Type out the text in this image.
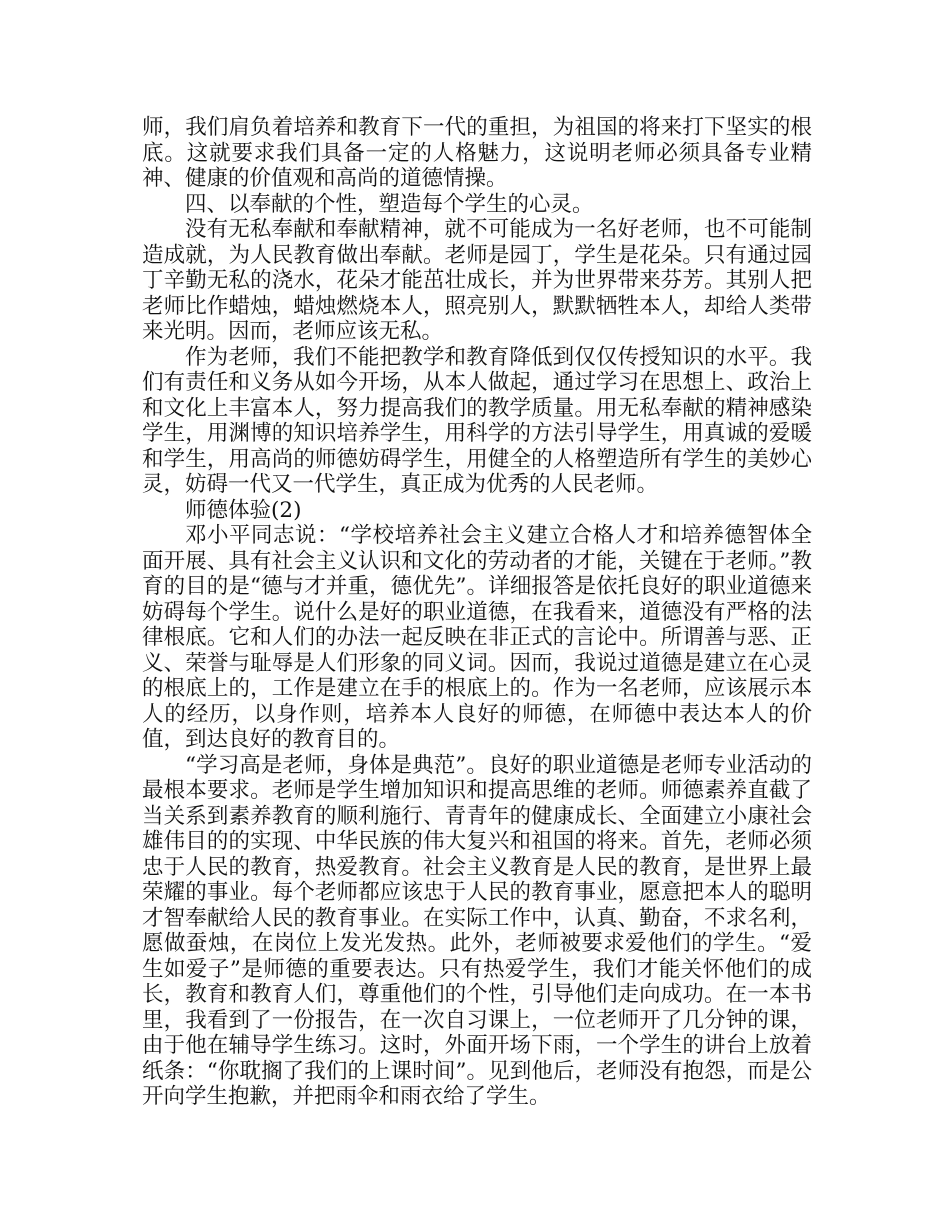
师，我们肩负着培养和教育下一代的重担，为祖国的将来打下坚实的根底。这就要求我们具备一定的人格魅力，这说明老师必须具备专业精神、健康的价值观和高尚的道德情操。

四、以奉献的个性，塑造每个学生的心灵。

没有无私奉献和奉献精神，就不可能成为一名好老师，也不可能制造成就，为人民教育做出奉献。老师是园丁，学生是花朵。只有通过园丁辛勤无私的浇水，花朵才能茁壮成长，并为世界带来芬芳。其别人把老师比作蜡烛，蜡烛燃烧本人，照亮别人，默默牺牲本人，却给人类带来光明。因而，老师应该无私。

作为老师，我们不能把教学和教育降低到仅仅传授知识的水平。我们有责任和义务从如今开场，从本人做起，通过学习在思想上、政治上和文化上丰富本人，努力提高我们的教学质量。用无私奉献的精神感染学生，用渊博的知识培养学生，用科学的方法引导学生，用真诚的爱暖和学生，用高尚的师德妨碍学生，用健全的人格塑造所有学生的美妙心灵，妨碍一代又一代学生，真正成为优秀的人民老师。

师德体验(2)

邓小平同志说：“学校培养社会主义建立合格人才和培养德智体全面开展、具有社会主义认识和文化的劳动者的才能，关键在于老师。”教育的目的是“德与才并重，德优先”。详细报答是依托良好的职业道德来妨碍每个学生。说什么是好的职业道德，在我看来，道德没有严格的法律根底。它和人们的办法一起反映在非正式的言论中。所谓善与恶、正义、荣誉与耻辱是人们形象的同义词。因而，我说过道德是建立在心灵的根底上的，工作是建立在手的根底上的。作为一名老师，应该展示本人的经历，以身作则，培养本人良好的师德，在师德中表达本人的价值，到达良好的教育目的。

“学习高是老师，身体是典范”。良好的职业道德是老师专业活动的最根本要求。老师是学生增加知识和提高思维的老师。师德素养直截了当关系到素养教育的顺利施行、青青年的健康成长、全面建立小康社会雄伟目的的实现、中华民族的伟大复兴和祖国的将来。首先，老师必须忠于人民的教育，热爱教育。社会主义教育是人民的教育，是世界上最荣耀的事业。每个老师都应该忠于人民的教育事业，愿意把本人的聪明才智奉献给人民的教育事业。在实际工作中，认真、勤奋，不求名利，愿做蚕烛，在岗位上发光发热。此外，老师被要求爱他们的学生。“爱生如爱子”是师德的重要表达。只有热爱学生，我们才能关怀他们的成长，教育和教育人们，尊重他们的个性，引导他们走向成功。在一本书里，我看到了一份报告，在一次自习课上，一位老师开了几分钟的课，由于他在辅导学生练习。这时，外面开场下雨，一个学生的讲台上放着纸条：“你耽搁了我们的上课时间”。见到他后，老师没有抱怨，而是公开向学生抱歉，并把雨伞和雨衣给了学生。
